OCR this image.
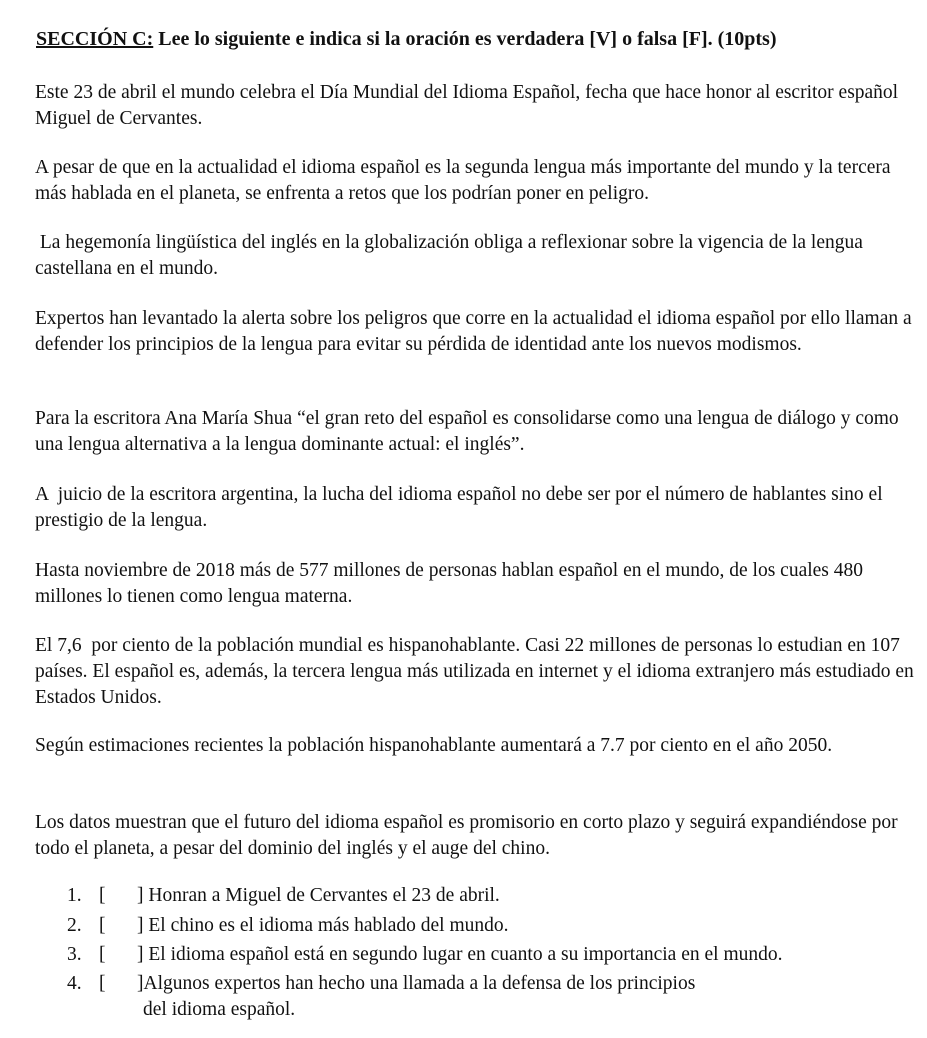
SECCIÓN C: Lee lo siguiente e indica si la oración es verdadera [V] o falsa [F]. (10pts)
Este 23 de abril el mundo celebra el Día Mundial del Idioma Español, fecha que hace honor al escritor español Miguel de Cervantes.
A pesar de que en la actualidad el idioma español es la segunda lengua más importante del mundo y la tercera más hablada en el planeta, se enfrenta a retos que los podrían poner en peligro.
La hegemonía lingüística del inglés en la globalización obliga a reflexionar sobre la vigencia de la lengua castellana en el mundo.
Expertos han levantado la alerta sobre los peligros que corre en la actualidad el idioma español por ello llaman a defender los principios de la lengua para evitar su pérdida de identidad ante los nuevos modismos.
Para la escritora Ana María Shua “el gran reto del español es consolidarse como una lengua de diálogo y como una lengua alternativa a la lengua dominante actual: el inglés”.
A  juicio de la escritora argentina, la lucha del idioma español no debe ser por el número de hablantes sino el prestigio de la lengua.
Hasta noviembre de 2018 más de 577 millones de personas hablan español en el mundo, de los cuales 480 millones lo tienen como lengua materna.
El 7,6  por ciento de la población mundial es hispanohablante. Casi 22 millones de personas lo estudian en 107 países. El español es, además, la tercera lengua más utilizada en internet y el idioma extranjero más estudiado en Estados Unidos.
Según estimaciones recientes la población hispanohablante aumentará a 7.7 por ciento en el año 2050.
Los datos muestran que el futuro del idioma español es promisorio en corto plazo y seguirá expandiéndose por todo el planeta, a pesar del dominio del inglés y el auge del chino.
1. [ ] Honran a Miguel de Cervantes el 23 de abril.
2. [ ] El chino es el idioma más hablado del mundo.
3. [ ] El idioma español está en segundo lugar en cuanto a su importancia en el mundo.
4. [ ]Algunos expertos han hecho una llamada a la defensa de los principios
del idioma español.
